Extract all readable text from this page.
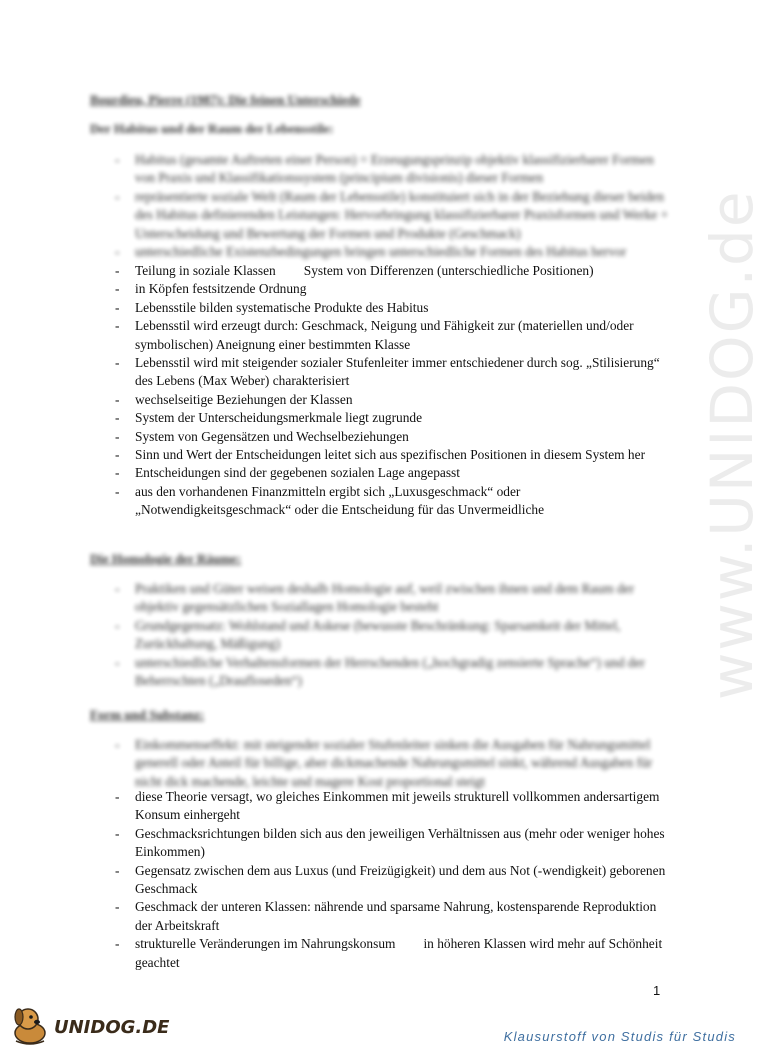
www.UNIDOG.de
Bourdieu, Pierre (1987): Die feinen Unterschiede
Der Habitus und der Raum der Lebensstile:
- Habitus (gesamte Auftreten einer Person) = Erzeugungsprinzip objektiv klassifizierbarer Formen von Praxis und Klassifikationssystem (principium divisionis) dieser Formen
- repräsentierte soziale Welt (Raum der Lebensstile) konstituiert sich in der Beziehung dieser beiden des Habitus definierenden Leistungen: Hervorbringung klassifizierbarer Praxisformen und Werke + Unterscheidung und Bewertung der Formen und Produkte (Geschmack)
- unterschiedliche Existenzbedingungen bringen unterschiedliche Formen des Habitus hervor
- Teilung in soziale Klassen System von Differenzen (unterschiedliche Positionen)
- in Köpfen festsitzende Ordnung
- Lebensstile bilden systematische Produkte des Habitus
- Lebensstil wird erzeugt durch: Geschmack, Neigung und Fähigkeit zur (materiellen und/oder symbolischen) Aneignung einer bestimmten Klasse
- Lebensstil wird mit steigender sozialer Stufenleiter immer entschiedener durch sog. „Stilisierung“ des Lebens (Max Weber) charakterisiert
- wechselseitige Beziehungen der Klassen
- System der Unterscheidungsmerkmale liegt zugrunde
- System von Gegensätzen und Wechselbeziehungen
- Sinn und Wert der Entscheidungen leitet sich aus spezifischen Positionen in diesem System her
- Entscheidungen sind der gegebenen sozialen Lage angepasst
- aus den vorhandenen Finanzmitteln ergibt sich „Luxusgeschmack“ oder „Notwendigkeitsgeschmack“ oder die Entscheidung für das Unvermeidliche
Die Homologie der Räume:
- Praktiken und Güter weisen deshalb Homologie auf, weil zwischen ihnen und dem Raum der objektiv gegensätzlichen Soziallagen Homologie besteht
- Grundgegensatz: Wohlstand und Askese (bewusste Beschränkung: Sparsamkeit der Mittel, Zurückhaltung, Mäßigung)
- unterschiedliche Verhaltensformen der Herrschenden („hochgradig zensierte Sprache“) und der Beherrschten („Draufloseden“)
Form und Substanz:
- Einkommenseffekt: mit steigender sozialer Stufenleiter sinken die Ausgaben für Nahrungsmittel generell oder Anteil für billige, aber dickmachende Nahrungsmittel sinkt, während Ausgaben für nicht dick machende, leichte und magere Kost proportional steigt
- diese Theorie versagt, wo gleiches Einkommen mit jeweils strukturell vollkommen andersartigem Konsum einhergeht
- Geschmacksrichtungen bilden sich aus den jeweiligen Verhältnissen aus (mehr oder weniger hohes Einkommen)
- Gegensatz zwischen dem aus Luxus (und Freizügigkeit) und dem aus Not (-wendigkeit) geborenen Geschmack
- Geschmack der unteren Klassen: nährende und sparsame Nahrung, kostensparende Reproduktion der Arbeitskraft
- strukturelle Veränderungen im Nahrungskonsum in höheren Klassen wird mehr auf Schönheit geachtet
1
UNIDOG.DE	Klausurstoff von Studis für Studis
